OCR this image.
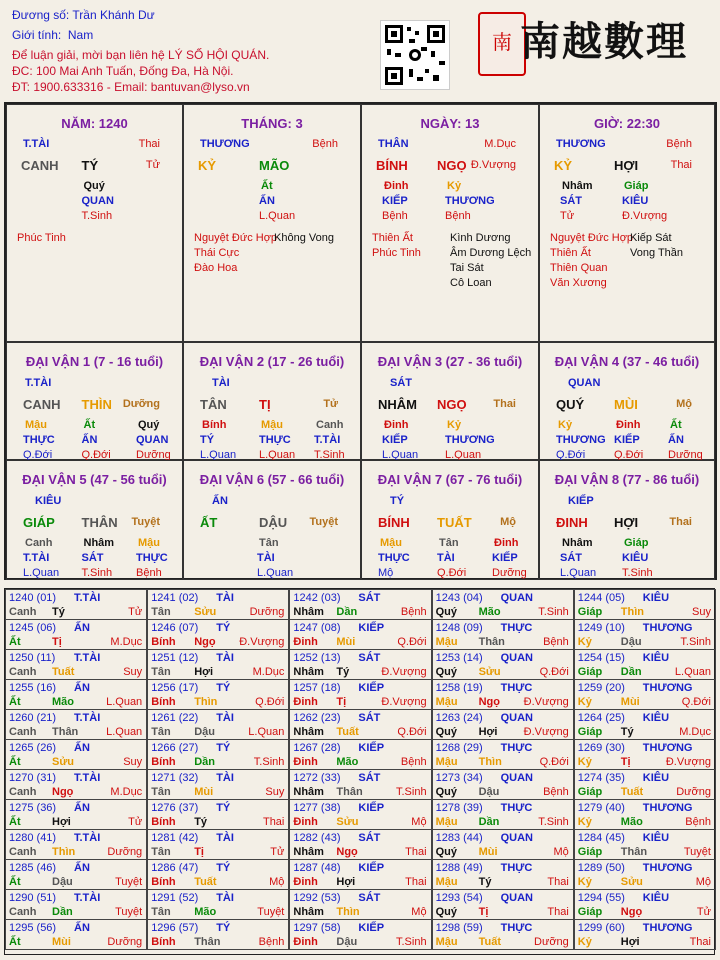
Đương số: Trần Khánh Dư
Giới tính: Nam
Để luận giải, mời bạn liên hệ LÝ SỐ HỘI QUÁN.
ĐC: 100 Mai Anh Tuấn, Đống Đa, Hà Nội.
ĐT: 1900.633316 - Email: bantuvan@lyso.vn
南 南越數理
NĂM: 1240
T.TÀI	Thai
CANH TÝ	Tử
Quý
QUAN
T.Sinh
Phúc Tinh
THÁNG: 3
THƯƠNG	Bệnh
KỶ	MÃO
Ất
ẤN
L.Quan
Nguyệt Đức Hợp
Thái Cực
Đào Hoa
Không Vong
NGÀY: 13
THÂN	M.Dục
BÍNH NGỌ Đ.Vượng
Đinh
KIẾP
Bệnh
Kỷ
THƯƠNG
Bệnh
Thiên Ất
Phúc Tinh
Kình Dương
Âm Dương Lệch
Tai Sát
Cô Loan
GIỜ: 22:30
THƯƠNG	Bệnh
KỶ	HỢI	Thai
Nhâm
SÁT
Tử
Giáp
KIÊU
Đ.Vượng
Nguyệt Đức Hợp
Thiên Ất
Thiên Quan
Văn Xương
Kiếp Sát
Vong Thần
ĐẠI VẬN 1 (7 - 16 tuổi)
T.TÀI
CANH THÌN Dưỡng
Mậu
THỰC
Q.Đới
Ất
ẤN
Q.Đới
Quý
QUAN
Dưỡng
ĐẠI VẬN 2 (17 - 26 tuổi)
TÀI
TÂN TỊ	Tử
Bính
TÝ
L.Quan
Mậu
THỰC
L.Quan
Canh
T.TÀI
T.Sinh
ĐẠI VẬN 3 (27 - 36 tuổi)
SÁT
NHÂM NGỌ Thai
Đinh
KIẾP
L.Quan
Kỷ
THƯƠNG
L.Quan
ĐẠI VẬN 4 (37 - 46 tuổi)
QUAN
QUÝ MÙI	Mộ
Kỷ
THƯƠNG
Q.Đới
Đinh
KIẾP
Q.Đới
Ất
ẤN
Dưỡng
ĐẠI VẬN 5 (47 - 56 tuổi)
KIÊU
GIÁP THÂN Tuyệt
Canh
T.TÀI
L.Quan
Nhâm
SÁT
T.Sinh
Mậu
THỰC
Bệnh
ĐẠI VẬN 6 (57 - 66 tuổi)
ẤN
ẤT	DẬU Tuyệt
Tân
TÀI
L.Quan
ĐẠI VẬN 7 (67 - 76 tuổi)
TÝ
BÍNH TUẤT	Mộ
Mậu
THỰC
Mộ
Tân
TÀI
Q.Đới
Đinh
KIẾP
Dưỡng
ĐẠI VẬN 8 (77 - 86 tuổi)
KIẾP
ĐINH HỢI	Thai
Nhâm
SÁT
L.Quan
Giáp
KIÊU
T.Sinh
1240 (01) T.TÀI
Canh Tý	Tử
1241 (02) TÀI
Tân Sửu	Dưỡng
1242 (03) SÁT
Nhâm Dần	Bệnh
1243 (04) QUAN
Quý Mão	T.Sinh
1244 (05) KIÊU
Giáp Thìn	Suy
1245 (06) ẤN
Ất	Tị	M.Dục
1246 (07) TÝ
Bính Ngọ Đ.Vượng
1247 (08) KIẾP
Đinh Mùi	Q.Đới
1248 (09) THỰC
Mậu Thân	Bệnh
1249 (10) THƯƠNG
Kỷ	Dậu	T.Sinh
1250 (11) T.TÀI
Canh Tuất	Suy
1251 (12) TÀI
Tân Hợi	M.Dục
1252 (13) SÁT
Nhâm Tý	Đ.Vượng
1253 (14) QUAN
Quý Sửu	Q.Đới
1254 (15) KIÊU
Giáp Dần	L.Quan
1255 (16) ẤN
Ất	Mão	L.Quan
1256 (17) TÝ
Bính Thìn	Q.Đới
1257 (18) KIẾP
Đinh Tị	Đ.Vượng
1258 (19) THỰC
Mậu Ngọ Đ.Vượng
1259 (20) THƯƠNG
Kỷ	Mùi	Q.Đới
1260 (21) T.TÀI
Canh Thân	L.Quan
1261 (22) TÀI
Tân Dậu	L.Quan
1262 (23) SÁT
Nhâm Tuất	Q.Đới
1263 (24) QUAN
Quý Hợi Đ.Vượng
1264 (25) KIÊU
Giáp Tý	M.Dục
1265 (26) ẤN
Ất	Sửu	Suy
1266 (27) TÝ
Bính Dần	T.Sinh
1267 (28) KIẾP
Đinh Mão	Bệnh
1268 (29) THỰC
Mậu Thìn	Q.Đới
1269 (30) THƯƠNG
Kỷ	Tị	Đ.Vượng
1270 (31) T.TÀI
Canh Ngọ	M.Dục
1271 (32) TÀI
Tân Mùi	Suy
1272 (33) SÁT
Nhâm Thân	T.Sinh
1273 (34) QUAN
Quý Dậu	Bệnh
1274 (35) KIÊU
Giáp Tuất	Dưỡng
1275 (36) ẤN
Ất	Hợi	Tử
1276 (37) TÝ
Bính Tý	Thai
1277 (38) KIẾP
Đinh Sửu	Mộ
1278 (39) THỰC
Mậu Dần	T.Sinh
1279 (40) THƯƠNG
Kỷ	Mão	Bệnh
1280 (41) T.TÀI
Canh Thìn	Dưỡng
1281 (42) TÀI
Tân Tị	Tử
1282 (43) SÁT
Nhâm Ngọ	Thai
1283 (44) QUAN
Quý Mùi	Mộ
1284 (45) KIÊU
Giáp Thân	Tuyệt
1285 (46) ẤN
Ất	Dậu	Tuyệt
1286 (47) TÝ
Bính Tuất	Mộ
1287 (48) KIẾP
Đinh Hợi	Thai
1288 (49) THỰC
Mậu Tý	Thai
1289 (50) THƯƠNG
Kỷ	Sửu	Mộ
1290 (51) T.TÀI
Canh Dần	Tuyệt
1291 (52) TÀI
Tân Mão	Tuyệt
1292 (53) SÁT
Nhâm Thìn	Mộ
1293 (54) QUAN
Quý Tị	Thai
1294 (55) KIÊU
Giáp Ngọ	Tử
1295 (56) ẤN
Ất	Mùi	Dưỡng
1296 (57) TÝ
Bính Thân	Bệnh
1297 (58) KIẾP
Đinh Dậu	T.Sinh
1298 (59) THỰC
Mậu Tuất	Dưỡng
1299 (60) THƯƠNG
Kỷ	Hợi	Thai
